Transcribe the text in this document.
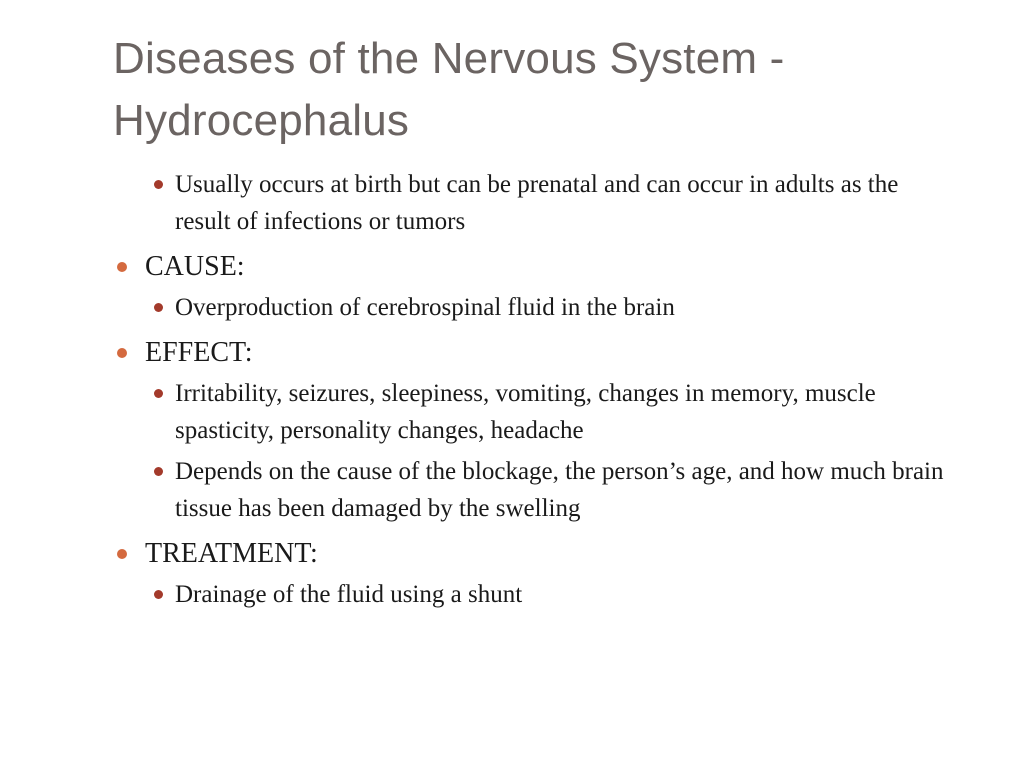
Diseases of the Nervous System -
Hydrocephalus
Usually occurs at birth but can be prenatal and can occur in adults as the result of infections or tumors
CAUSE:
Overproduction of cerebrospinal fluid in the brain
EFFECT:
Irritability, seizures, sleepiness, vomiting, changes in memory, muscle spasticity, personality changes, headache
Depends on the cause of the blockage, the person’s age, and how much brain tissue has been damaged by the swelling
TREATMENT:
Drainage of the fluid using a shunt
